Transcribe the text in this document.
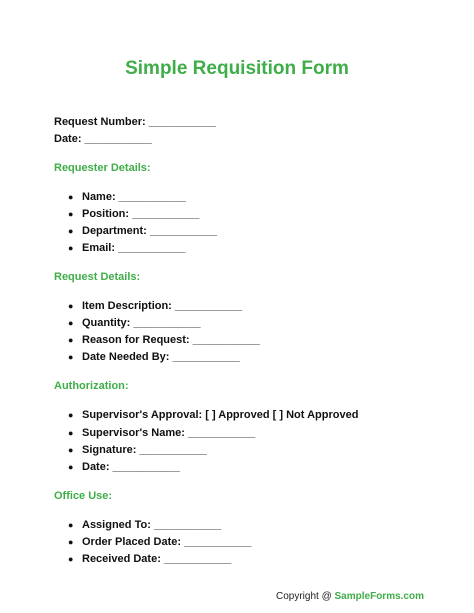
Simple Requisition Form
Request Number: ___________
Date: ___________
Requester Details:
● Name: ___________
● Position: ___________
● Department: ___________
● Email: ___________
Request Details:
● Item Description: ___________
● Quantity: ___________
● Reason for Request: ___________
● Date Needed By: ___________
Authorization:
● Supervisor's Approval: [ ] Approved [ ] Not Approved
● Supervisor's Name: ___________
● Signature: ___________
● Date: ___________
Office Use:
● Assigned To: ___________
● Order Placed Date: ___________
● Received Date: ___________
Copyright @ SampleForms.com
